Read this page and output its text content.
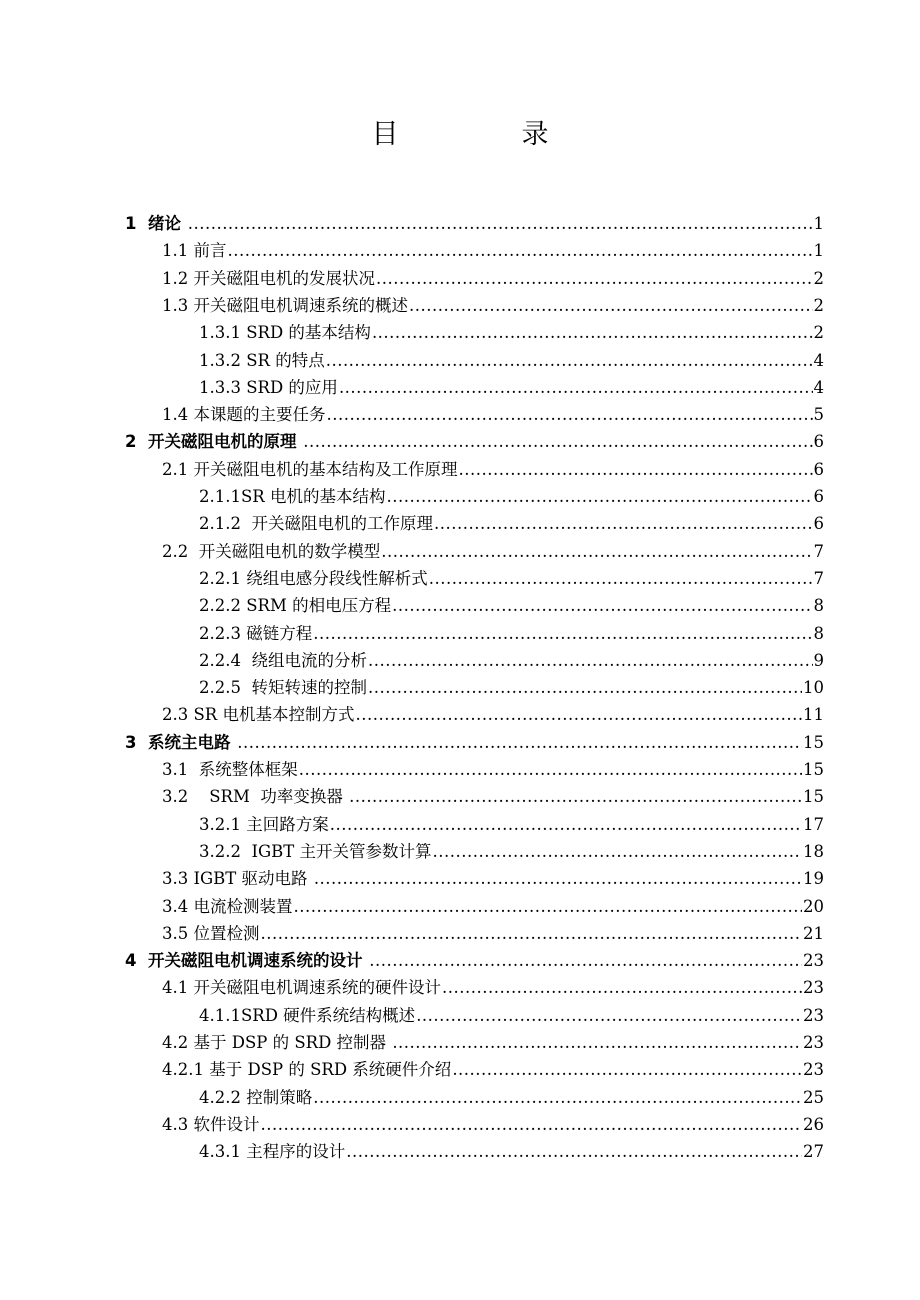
目　录
1  绪论 .....	1
1.1 前言 .....	1
1.2 开关磁阻电机的发展状况 .....	2
1.3 开关磁阻电机调速系统的概述 .....	2
1.3.1 SRD 的基本结构 .....	2
1.3.2 SR 的特点 .....	4
1.3.3 SRD 的应用 .....	4
1.4 本课题的主要任务 .....	5
2  开关磁阻电机的原理 .....	6
2.1 开关磁阻电机的基本结构及工作原理 .....	6
2.1.1SR 电机的基本结构 .....	6
2.1.2  开关磁阻电机的工作原理 .....	6
2.2  开关磁阻电机的数学模型 .....	7
2.2.1 绕组电感分段线性解析式 .....	7
2.2.2 SRM 的相电压方程 .....	8
2.2.3 磁链方程 .....	8
2.2.4  绕组电流的分析 .....	9
2.2.5  转矩转速的控制 .....	10
2.3 SR 电机基本控制方式 .....	11
3  系统主电路 .....	15
3.1  系统整体框架 .....	15
3.2    SRM  功率变换器 .....	15
3.2.1 主回路方案 .....	17
3.2.2  IGBT 主开关管参数计算 .....	18
3.3 IGBT 驱动电路 .....	19
3.4 电流检测装置 .....	20
3.5 位置检测 .....	21
4  开关磁阻电机调速系统的设计 .....	23
4.1 开关磁阻电机调速系统的硬件设计 .....	23
4.1.1SRD 硬件系统结构概述 .....	23
4.2 基于 DSP 的 SRD 控制器 .....	23
4.2.1 基于 DSP 的 SRD 系统硬件介绍 .....	23
4.2.2 控制策略 .....	25
4.3 软件设计 .....	26
4.3.1 主程序的设计 .....	27
